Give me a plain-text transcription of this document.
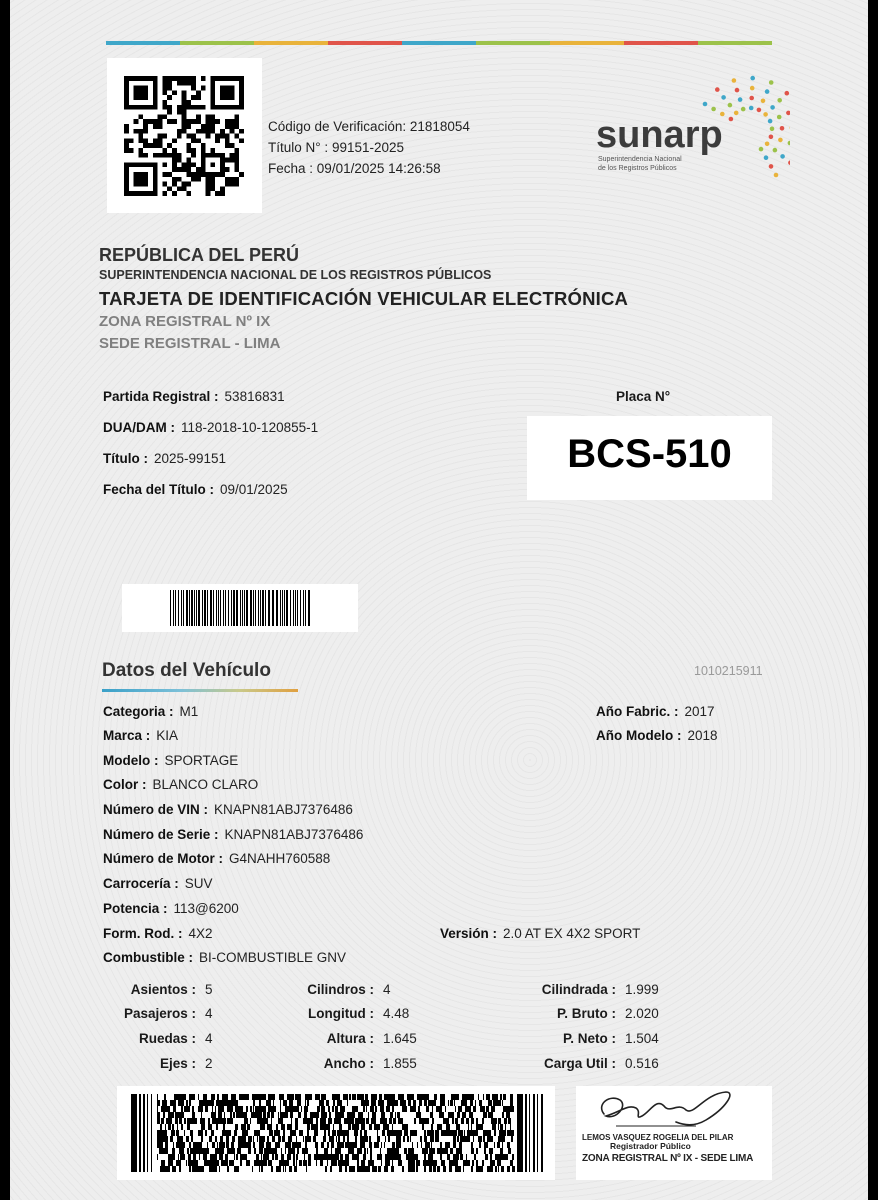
Código de Verificación: 21818054
Título N° : 99151-2025
Fecha : 09/01/2025 14:26:58
sunarp
Superintendencia Nacional
de los Registros Públicos
REPÚBLICA DEL PERÚ
SUPERINTENDENCIA NACIONAL DE LOS REGISTROS PÚBLICOS
TARJETA DE IDENTIFICACIÓN VEHICULAR ELECTRÓNICA
ZONA REGISTRAL Nº IX
SEDE REGISTRAL - LIMA
Partida Registral : 53816831
DUA/DAM : 118-2018-10-120855-1
Título : 2025-99151
Fecha del Título : 09/01/2025
Placa N°
BCS-510
Datos del Vehículo	1010215911
Categoria : M1
Marca : KIA
Modelo : SPORTAGE
Color : BLANCO CLARO
Número de VIN : KNAPN81ABJ7376486
Número de Serie : KNAPN81ABJ7376486
Número de Motor : G4NAHH760588
Carrocería : SUV
Potencia : 113@6200
Form. Rod. : 4X2
Combustible : BI-COMBUSTIBLE GNV
Año Fabric. : 2017
Año Modelo : 2018
Versión : 2.0 AT EX 4X2 SPORT
Asientos : 5
Pasajeros : 4
Ruedas : 4
Ejes : 2
Cilindros : 4
Longitud : 4.48
Altura : 1.645
Ancho : 1.855
Cilindrada : 1.999
P. Bruto : 2.020
P. Neto : 1.504
Carga Util : 0.516
LEMOS VASQUEZ ROGELIA DEL PILAR
Registrador Público
ZONA REGISTRAL Nº IX - SEDE LIMA
